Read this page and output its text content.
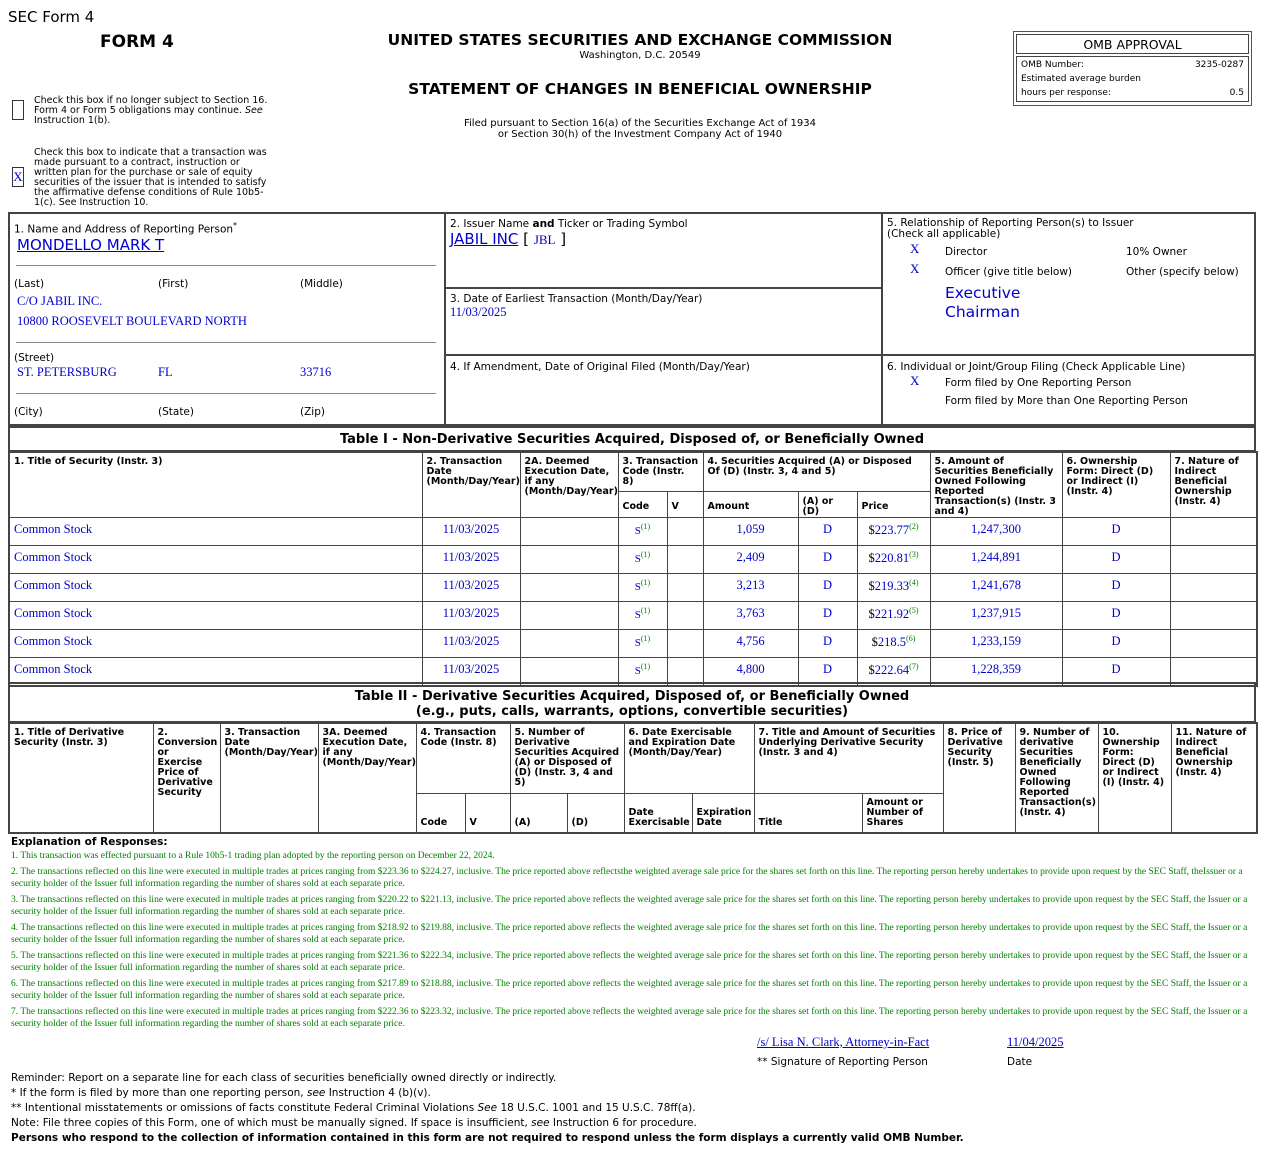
SEC Form 4
FORM 4	UNITED STATES SECURITIES AND EXCHANGE COMMISSION
Washington, D.C. 20549
STATEMENT OF CHANGES IN BENEFICIAL OWNERSHIP
Filed pursuant to Section 16(a) of the Securities Exchange Act of 1934
or Section 30(h) of the Investment Company Act of 1940
OMB APPROVAL
OMB Number:	3235-0287
Estimated average burden
hours per response:	0.5
Check this box if no longer subject to Section 16. Form 4 or Form 5 obligations may continue. See Instruction 1(b).
X
Check this box to indicate that a transaction was made pursuant to a contract, instruction or written plan for the purchase or sale of equity securities of the issuer that is intended to satisfy the affirmative defense conditions of Rule 10b5-1(c). See Instruction 10.
1. Name and Address of Reporting Person*
MONDELLO MARK T
(Last)	(First)	(Middle)
C/O JABIL INC.
10800 ROOSEVELT BOULEVARD NORTH
(Street)
ST. PETERSBURG	FL	33716
(City)	(State)	(Zip)
2. Issuer Name and Ticker or Trading Symbol
JABIL INC [ JBL ]
3. Date of Earliest Transaction (Month/Day/Year)
11/03/2025
4. If Amendment, Date of Original Filed (Month/Day/Year)
5. Relationship of Reporting Person(s) to Issuer
(Check all applicable)
X Director	10% Owner
X Officer (give title below)	Other (specify below)
Executive
Chairman
6. Individual or Joint/Group Filing (Check Applicable Line)
X Form filed by One Reporting Person
Form filed by More than One Reporting Person
Table I - Non-Derivative Securities Acquired, Disposed of, or Beneficially Owned
1. Title of Security (Instr. 3)	2. Transaction Date (Month/Day/Year)	2A. Deemed Execution Date, if any (Month/Day/Year)	3. Transaction Code (Instr. 8)		4. Securities Acquired (A) or Disposed Of (D) (Instr. 3, 4 and 5)			5. Amount of Securities Beneficially Owned Following Reported Transaction(s) (Instr. 3 and 4)	6. Ownership Form: Direct (D) or Indirect (I) (Instr. 4)	7. Nature of Indirect Beneficial Ownership (Instr. 4)
			Code	V	Amount	(A) or (D)	Price			
Common Stock	11/03/2025		$S^{(1)}$		1,059	D	$223.77$^{(2)}$	1,247,300	D	
Common Stock	11/03/2025		$S^{(1)}$		2,409	D	$220.81$^{(3)}$	1,244,891	D	
Common Stock	11/03/2025		$S^{(1)}$		3,213	D	$219.33$^{(4)}$	1,241,678	D	
Common Stock	11/03/2025		$S^{(1)}$		3,763	D	$221.92$^{(5)}$	1,237,915	D	
Common Stock	11/03/2025		$S^{(1)}$		4,756	D	$218.5$^{(6)}$	1,233,159	D	
Common Stock	11/03/2025		$S^{(1)}$		4,800	D	$222.64$^{(7)}$	1,228,359	D	
Table II - Derivative Securities Acquired, Disposed of, or Beneficially Owned
(e.g., puts, calls, warrants, options, convertible securities)
1. Title of Derivative Security (Instr. 3)	2. Conversion or Exercise Price of Derivative Security	3. Transaction Date (Month/Day/Year)	3A. Deemed Execution Date, if any (Month/Day/Year)	4. Transaction Code (Instr. 8)		5. Number of Derivative Securities Acquired (A) or Disposed of (D) (Instr. 3, 4 and 5)		6. Date Exercisable and Expiration Date (Month/Day/Year)		7. Title and Amount of Securities Underlying Derivative Security (Instr. 3 and 4)		8. Price of Derivative Security (Instr. 5)	9. Number of derivative Securities Beneficially Owned Following Reported Transaction(s) (Instr. 4)	10. Ownership Form: Direct (D) or Indirect (I) (Instr. 4)	11. Nature of Indirect Beneficial Ownership (Instr. 4)
				Code	V	(A)	(D)	Date Exercisable	Expiration Date	Title	Amount or Number of Shares				
Explanation of Responses:
1. This transaction was effected pursuant to a Rule 10b5-1 trading plan adopted by the reporting person on December 22, 2024.
2. The transactions reflected on this line were executed in multiple trades at prices ranging from $223.36 to $224.27, inclusive. The price reported above reflectsthe weighted average sale price for the shares set forth on this line. The reporting person hereby undertakes to provide upon request by the SEC Staff, theIssuer or a security holder of the Issuer full information regarding the number of shares sold at each separate price.
3. The transactions reflected on this line were executed in multiple trades at prices ranging from $220.22 to $221.13, inclusive. The price reported above reflects the weighted average sale price for the shares set forth on this line. The reporting person hereby undertakes to provide upon request by the SEC Staff, the Issuer or a security holder of the Issuer full information regarding the number of shares sold at each separate price.
4. The transactions reflected on this line were executed in multiple trades at prices ranging from $218.92 to $219.88, inclusive. The price reported above reflects the weighted average sale price for the shares set forth on this line. The reporting person hereby undertakes to provide upon request by the SEC Staff, the Issuer or a security holder of the Issuer full information regarding the number of shares sold at each separate price.
5. The transactions reflected on this line were executed in multiple trades at prices ranging from $221.36 to $222.34, inclusive. The price reported above reflects the weighted average sale price for the shares set forth on this line. The reporting person hereby undertakes to provide upon request by the SEC Staff, the Issuer or a security holder of the Issuer full information regarding the number of shares sold at each separate price.
6. The transactions reflected on this line were executed in multiple trades at prices ranging from $217.89 to $218.88, inclusive. The price reported above reflects the weighted average sale price for the shares set forth on this line. The reporting person hereby undertakes to provide upon request by the SEC Staff, the Issuer or a security holder of the Issuer full information regarding the number of shares sold at each separate price.
7. The transactions reflected on this line were executed in multiple trades at prices ranging from $222.36 to $223.32, inclusive. The price reported above reflects the weighted average sale price for the shares set forth on this line. The reporting person hereby undertakes to provide upon request by the SEC Staff, the Issuer or a security holder of the Issuer full information regarding the number of shares sold at each separate price.
/s/ Lisa N. Clark, Attorney-in-Fact	11/04/2025
** Signature of Reporting Person	Date
Reminder: Report on a separate line for each class of securities beneficially owned directly or indirectly.
* If the form is filed by more than one reporting person, see Instruction 4 (b)(v).
** Intentional misstatements or omissions of facts constitute Federal Criminal Violations See 18 U.S.C. 1001 and 15 U.S.C. 78ff(a).
Note: File three copies of this Form, one of which must be manually signed. If space is insufficient, see Instruction 6 for procedure.
Persons who respond to the collection of information contained in this form are not required to respond unless the form displays a currently valid OMB Number.
